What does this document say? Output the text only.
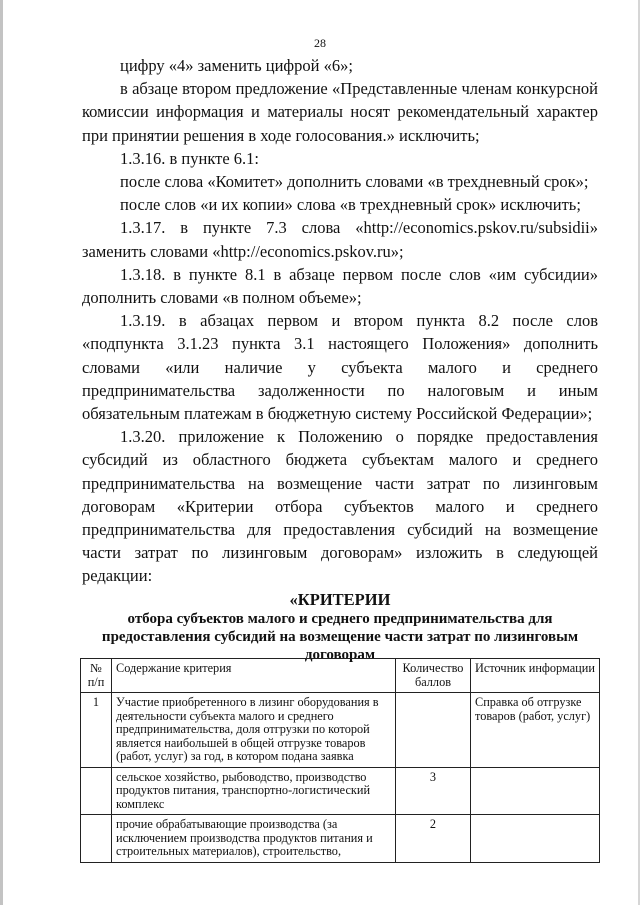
28

цифру «4» заменить цифрой «6»;

в абзаце втором предложение «Представленные членам конкурсной комиссии информация и материалы носят рекомендательный характер при принятии решения в ходе голосования.» исключить;

1.3.16. в пункте 6.1:

после слова «Комитет» дополнить словами «в трехдневный срок»;

после слов «и их копии» слова «в трехдневный срок» исключить;

1.3.17. в пункте 7.3 слова «http://economics.pskov.ru/subsidii» заменить словами «http://economics.pskov.ru»;

1.3.18. в пункте 8.1 в абзаце первом после слов «им субсидии» дополнить словами «в полном объеме»;

1.3.19. в абзацах первом и втором пункта 8.2 после слов «подпункта 3.1.23 пункта 3.1 настоящего Положения» дополнить словами «или наличие у субъекта малого и среднего предпринимательства задолженности по налоговым и иным обязательным платежам в бюджетную систему Российской Федерации»;

1.3.20. приложение к Положению о порядке предоставления субсидий из областного бюджета субъектам малого и среднего предпринимательства на возмещение части затрат по лизинговым договорам «Критерии отбора субъектов малого и среднего предпринимательства для предоставления субсидий на возмещение части затрат по лизинговым договорам» изложить в следующей редакции:

«КРИТЕРИИ
отбора субъектов малого и среднего предпринимательства для предоставления субсидий на возмещение части затрат по лизинговым договорам
№ п/п	Содержание критерия	Количество баллов	Источник информации
1	Участие приобретенного в лизинг оборудования в деятельности субъекта малого и среднего предпринимательства, доля отгрузки по которой является наибольшей в общей отгрузке товаров (работ, услуг) за год, в котором подана заявка		Справка об отгрузке товаров (работ, услуг)
	сельское хозяйство, рыбоводство, производство продуктов питания, транспортно-логистический комплекс	3	
	прочие обрабатывающие производства (за исключением производства продуктов питания и строительных материалов), строительство,	2	
